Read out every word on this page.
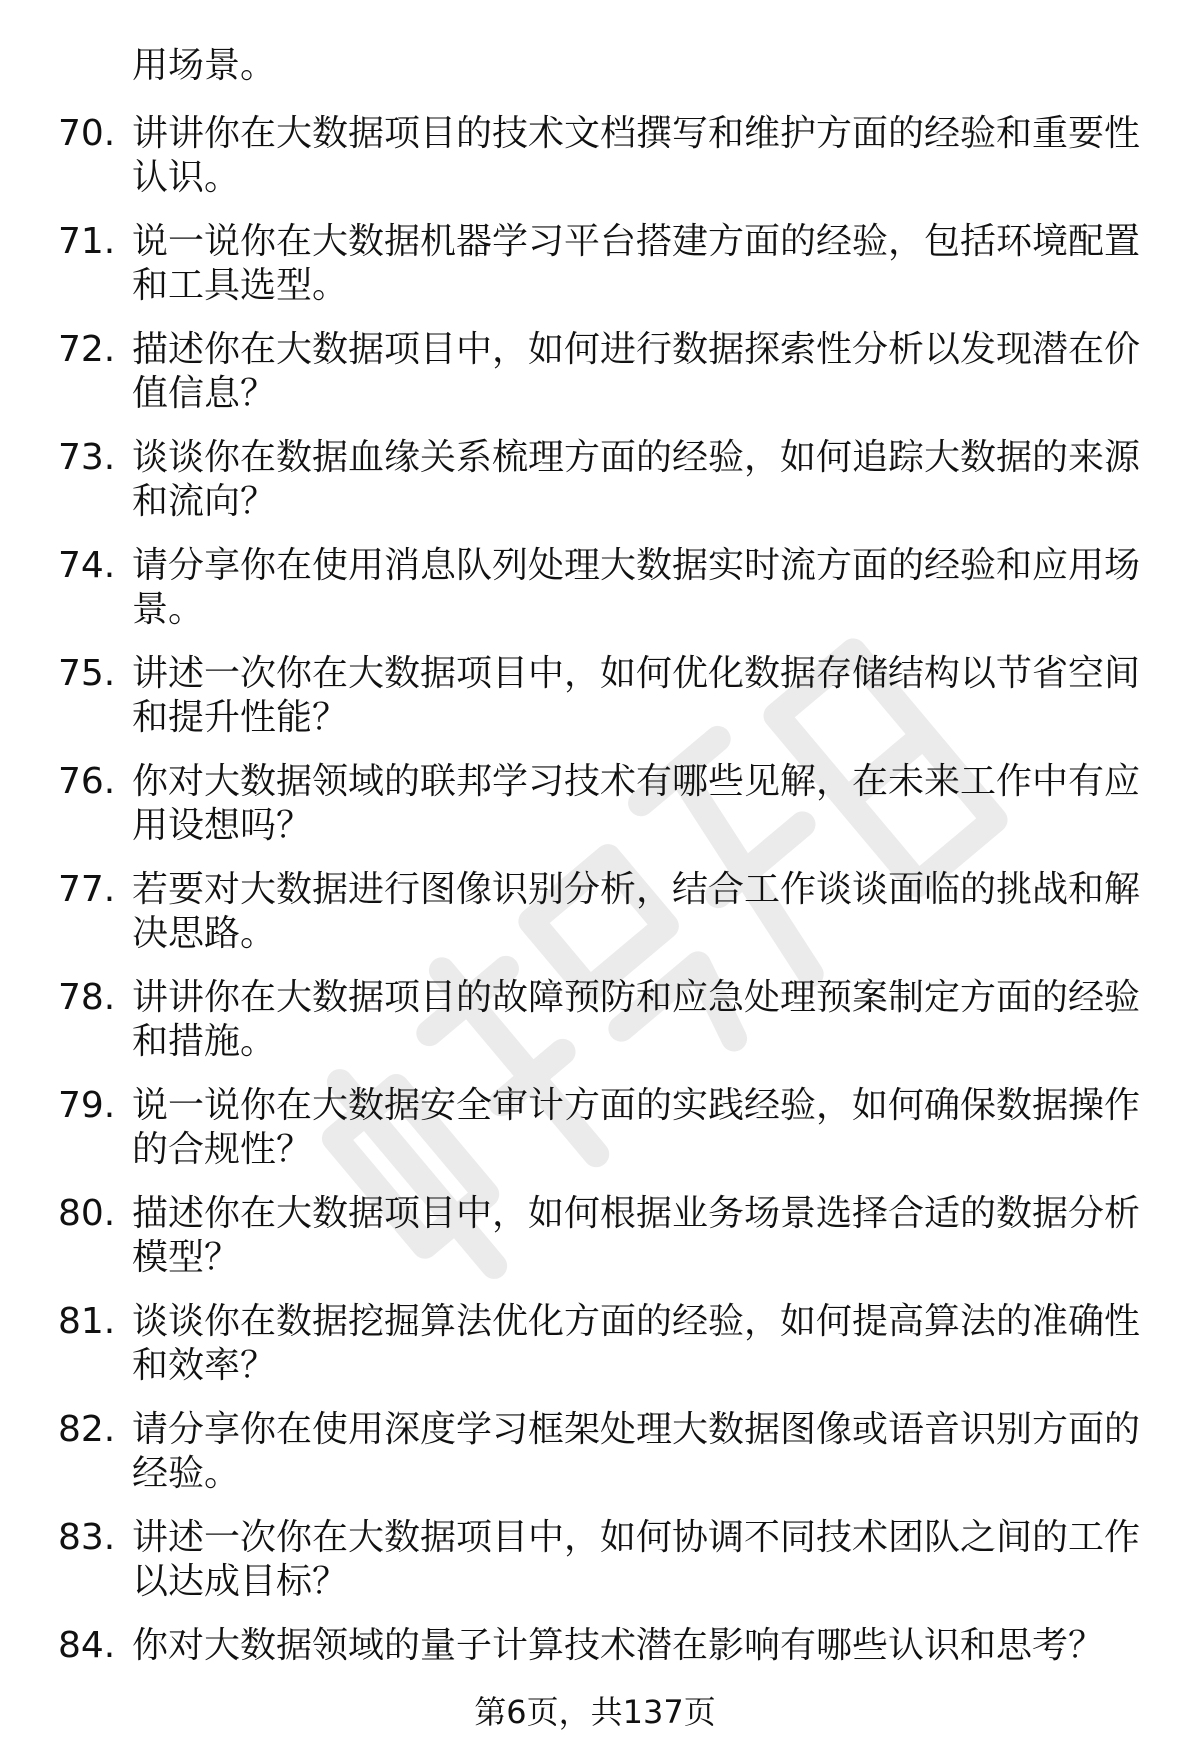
用场景。

70. 讲讲你在大数据项目的技术文档撰写和维护方面的经验和重要性认识。
71. 说一说你在大数据机器学习平台搭建方面的经验，包括环境配置和工具选型。
72. 描述你在大数据项目中，如何进行数据探索性分析以发现潜在价值信息？
73. 谈谈你在数据血缘关系梳理方面的经验，如何追踪大数据的来源和流向？
74. 请分享你在使用消息队列处理大数据实时流方面的经验和应用场景。
75. 讲述一次你在大数据项目中，如何优化数据存储结构以节省空间和提升性能？
76. 你对大数据领域的联邦学习技术有哪些见解，在未来工作中有应用设想吗？
77. 若要对大数据进行图像识别分析，结合工作谈谈面临的挑战和解决思路。
78. 讲讲你在大数据项目的故障预防和应急处理预案制定方面的经验和措施。
79. 说一说你在大数据安全审计方面的实践经验，如何确保数据操作的合规性？
80. 描述你在大数据项目中，如何根据业务场景选择合适的数据分析模型？
81. 谈谈你在数据挖掘算法优化方面的经验，如何提高算法的准确性和效率？
82. 请分享你在使用深度学习框架处理大数据图像或语音识别方面的经验。
83. 讲述一次你在大数据项目中，如何协调不同技术团队之间的工作以达成目标？
84. 你对大数据领域的量子计算技术潜在影响有哪些认识和思考？
第6页，共137页
